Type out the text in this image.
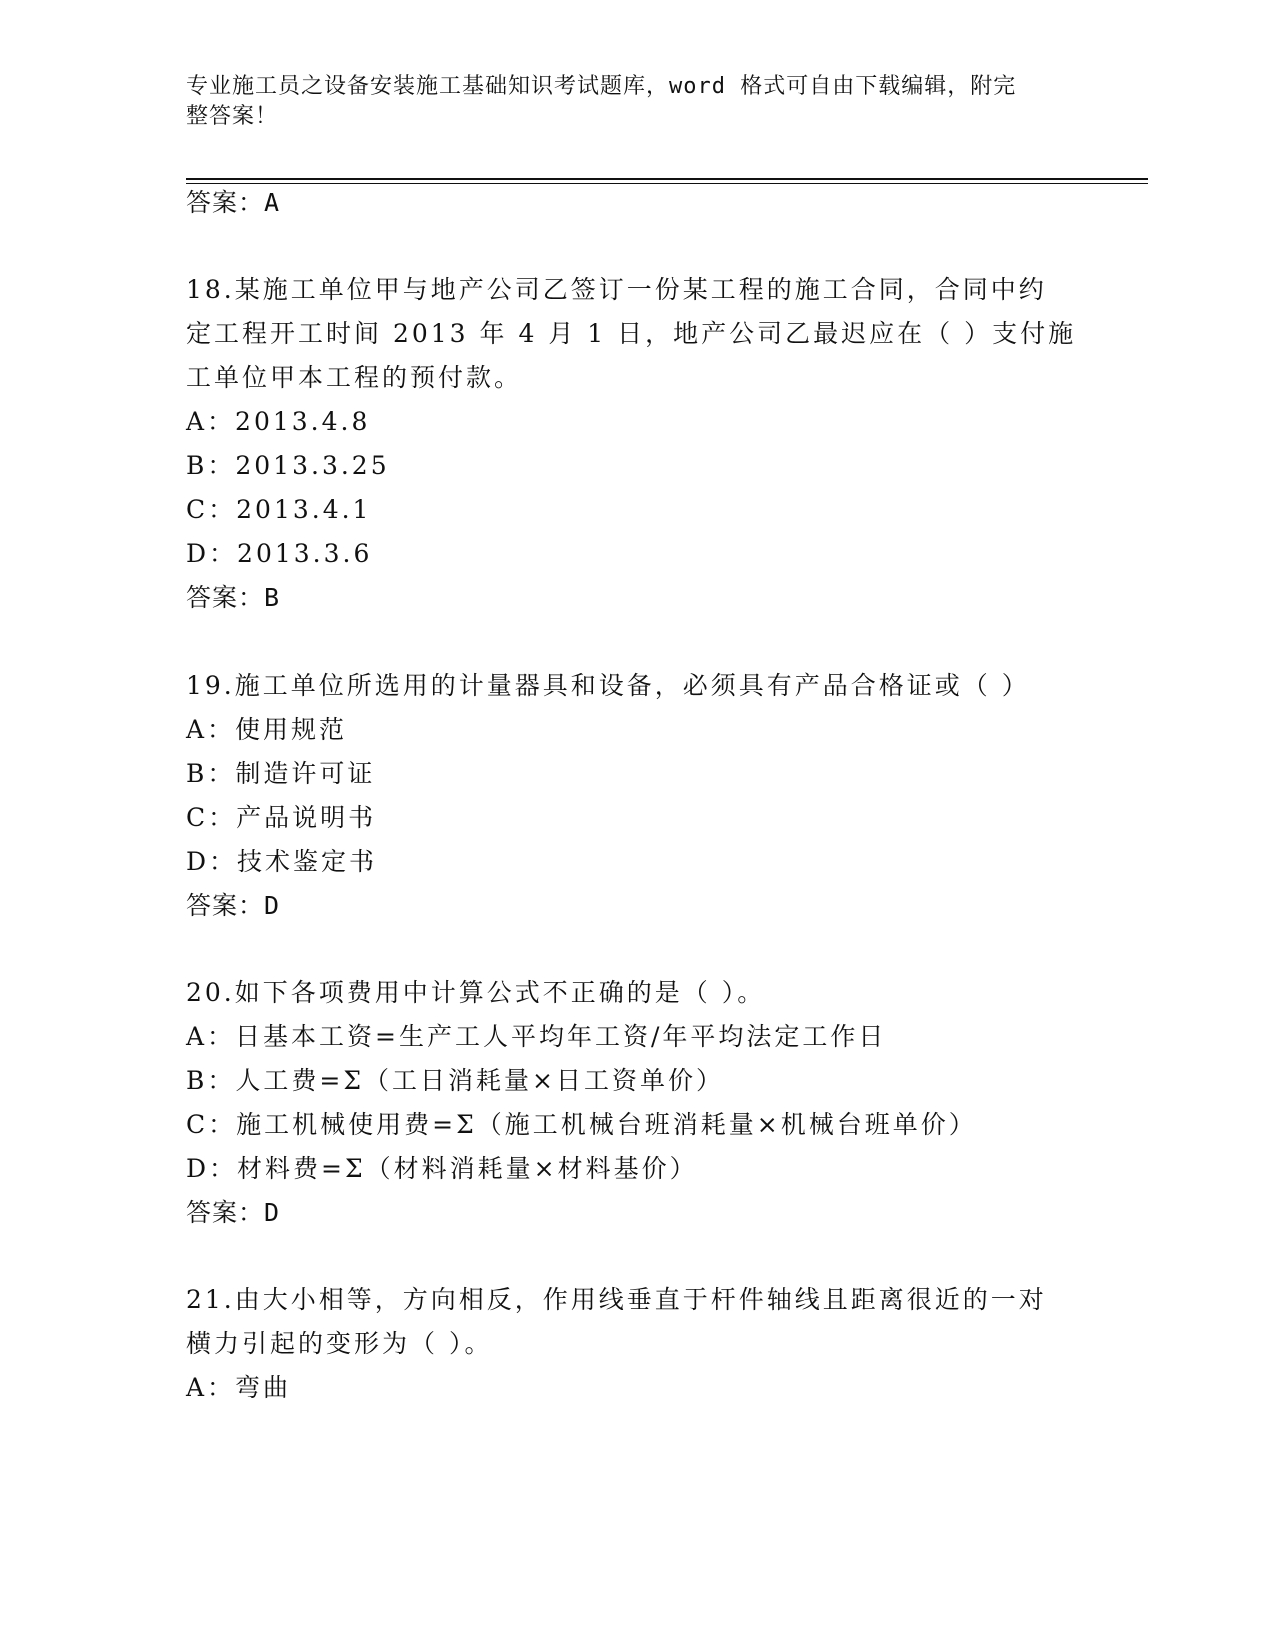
专业施工员之设备安装施工基础知识考试题库，word 格式可自由下载编辑，附完
整答案！
答案：A
18.某施工单位甲与地产公司乙签订一份某工程的施工合同，合同中约
定工程开工时间 2013 年 4 月 1 日，地产公司乙最迟应在（ ）支付施
工单位甲本工程的预付款。
A：2013.4.8
B：2013.3.25
C：2013.4.1
D：2013.3.6
答案：B
19.施工单位所选用的计量器具和设备，必须具有产品合格证或（ ）
A：使用规范
B：制造许可证
C：产品说明书
D：技术鉴定书
答案：D
20.如下各项费用中计算公式不正确的是（ ）。
A：日基本工资=生产工人平均年工资/年平均法定工作日
B：人工费=Σ（工日消耗量×日工资单价）
C：施工机械使用费=Σ（施工机械台班消耗量×机械台班单价）
D：材料费=Σ（材料消耗量×材料基价）
答案：D
21.由大小相等，方向相反，作用线垂直于杆件轴线且距离很近的一对
横力引起的变形为（ ）。
A：弯曲
